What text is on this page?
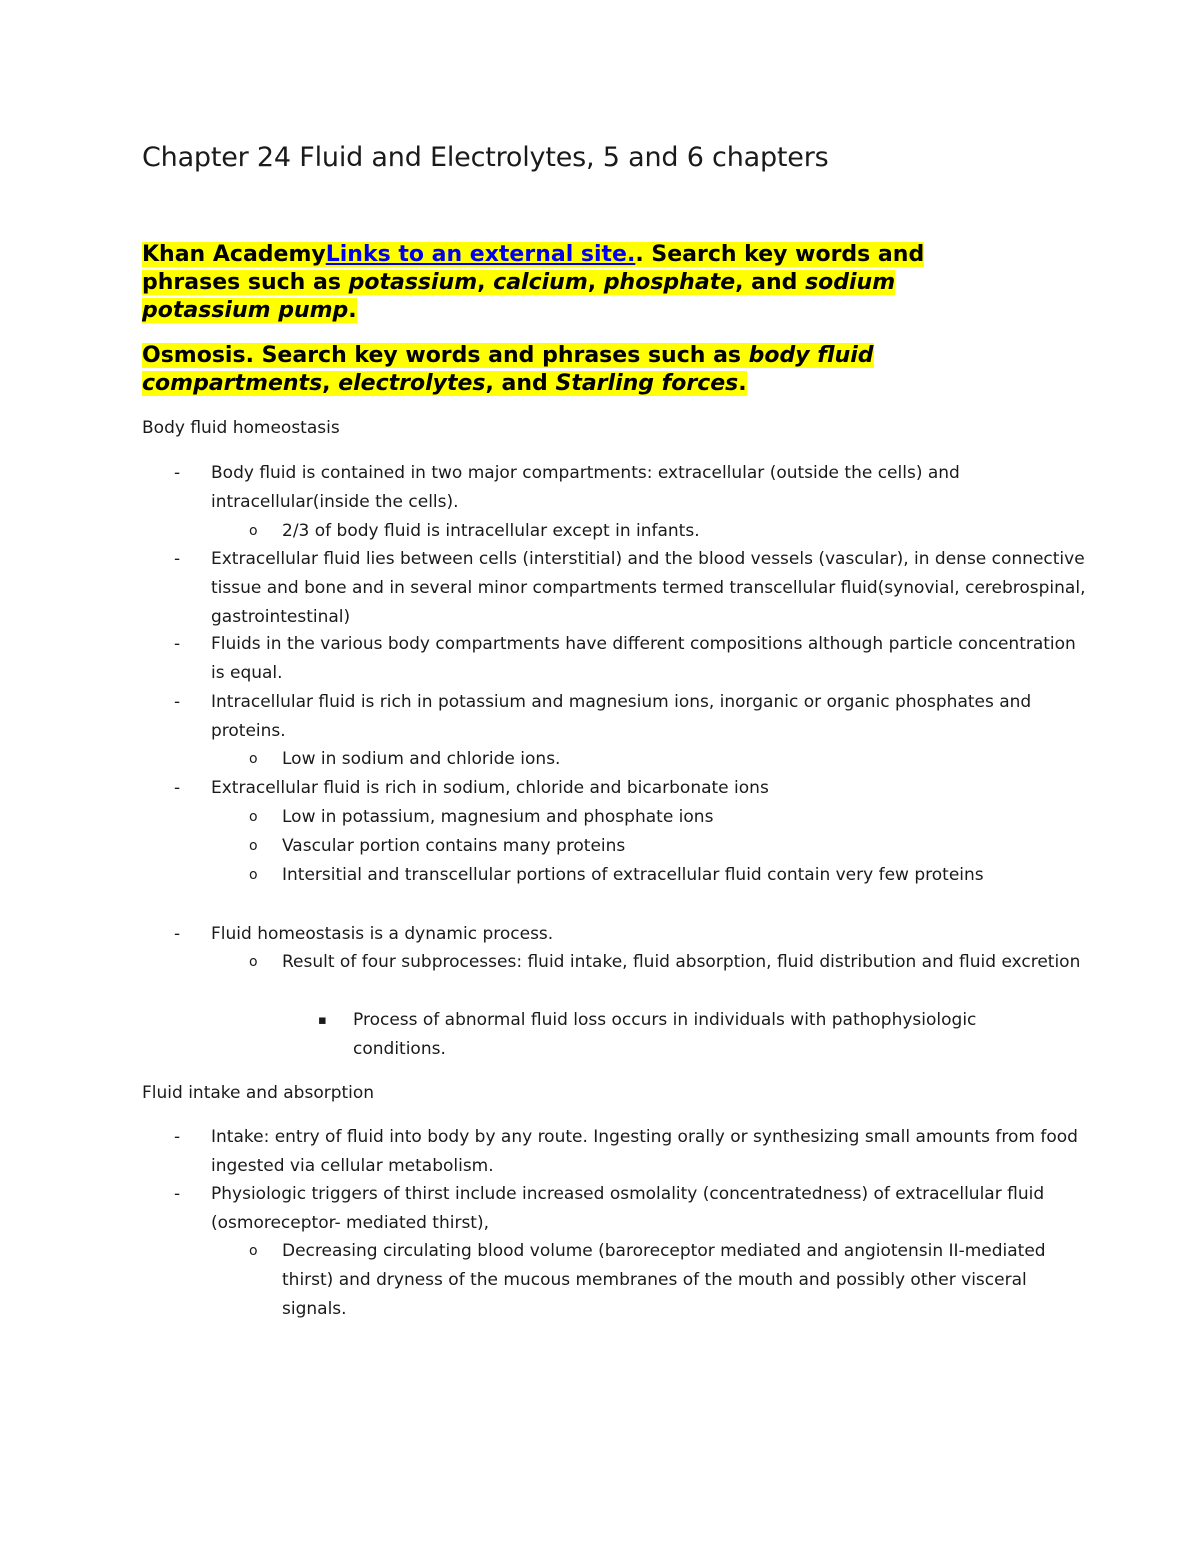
Chapter 24 Fluid and Electrolytes, 5 and 6 chapters

Khan AcademyLinks to an external site.. Search key words and phrases such as potassium, calcium, phosphate, and sodium potassium pump.

Osmosis. Search key words and phrases such as body fluid compartments, electrolytes, and Starling forces.

Body fluid homeostasis

- Body fluid is contained in two major compartments: extracellular (outside the cells) and intracellular(inside the cells).

o 2/3 of body fluid is intracellular except in infants.

- Extracellular fluid lies between cells (interstitial) and the blood vessels (vascular), in dense connective tissue and bone and in several minor compartments termed transcellular fluid(synovial, cerebrospinal, gastrointestinal)

- Fluids in the various body compartments have different compositions although particle concentration is equal.

- Intracellular fluid is rich in potassium and magnesium ions, inorganic or organic phosphates and proteins.

o Low in sodium and chloride ions.

- Extracellular fluid is rich in sodium, chloride and bicarbonate ions

o Low in potassium, magnesium and phosphate ions

o Vascular portion contains many proteins

o Intersitial and transcellular portions of extracellular fluid contain very few proteins

- Fluid homeostasis is a dynamic process.

o Result of four subprocesses: fluid intake, fluid absorption, fluid distribution and fluid excretion

▪ Process of abnormal fluid loss occurs in individuals with pathophysiologic conditions.

Fluid intake and absorption

- Intake: entry of fluid into body by any route. Ingesting orally or synthesizing small amounts from food ingested via cellular metabolism.

- Physiologic triggers of thirst include increased osmolality (concentratedness) of extracellular fluid (osmoreceptor- mediated thirst),

o Decreasing circulating blood volume (baroreceptor mediated and angiotensin II-mediated thirst) and dryness of the mucous membranes of the mouth and possibly other visceral signals.
